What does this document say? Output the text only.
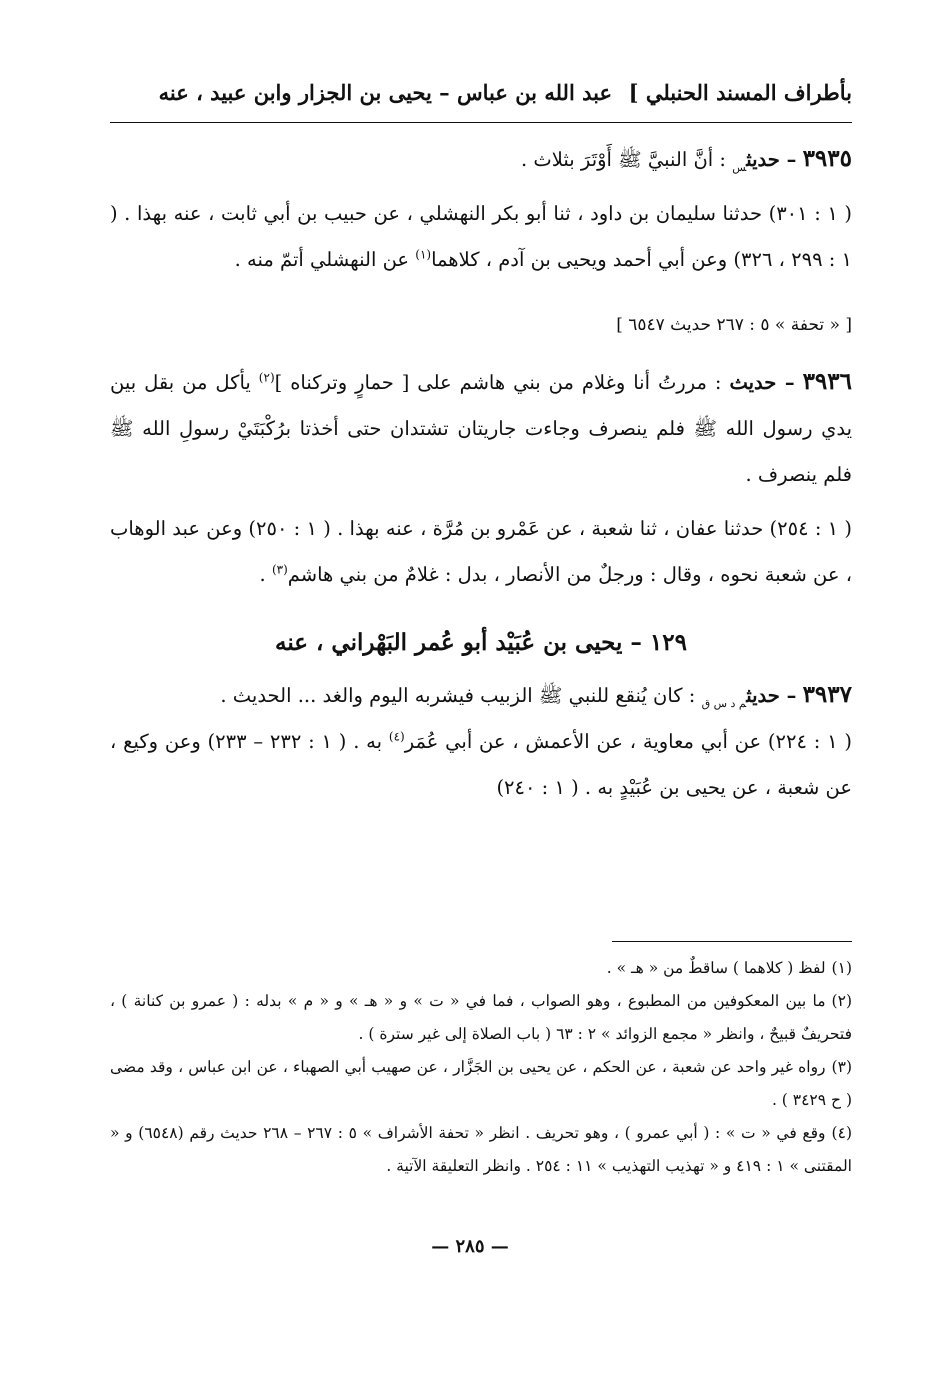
بأطراف المسند الحنبلي ]
عبد الله بن عباس – يحيى بن الجزار وابن عبيد ، عنه

٣٩٣٥ – حديث$_س$ : أنَّ النبيَّ ﷺ أَوْتَرَ بثلاث .

( ١ : ٣٠١) حدثنا سليمان بن داود ، ثنا أبو بكر النهشلي ، عن حبيب بن أبي ثابت ، عنه بهذا . ( ١ : ٢٩٩ ، ٣٢٦) وعن أبي أحمد ويحيى بن آدم ، كلاهما$^{(١)}$ عن النهشلي أتمّ منه .

[ « تحفة » ٥ : ٢٦٧ حديث ٦٥٤٧ ]

٣٩٣٦ – حديث : مررتُ أنا وغلام من بني هاشم على [ حمارٍ وتركناه ]$^{(٢)}$ يأكل من بقل بين يدي رسول الله ﷺ فلم ينصرف وجاءت جاريتان تشتدان حتى أخذتا برُكْبَتَيْ رسولِ الله ﷺ فلم ينصرف .

( ١ : ٢٥٤) حدثنا عفان ، ثنا شعبة ، عن عَمْرو بن مُرَّة ، عنه بهذا . ( ١ : ٢٥٠) وعن عبد الوهاب ، عن شعبة نحوه ، وقال : ورجلٌ من الأنصار ، بدل : غلامٌ من بني هاشم$^{(٣)}$ .

١٢٩ – يحيى بن عُبَيْد أبو عُمر البَهْراني ، عنه

٣٩٣٧ – حديث$_{م د س ق}$ : كان يُنقع للنبي ﷺ الزبيب فيشربه اليوم والغد ... الحديث .

( ١ : ٢٢٤) عن أبي معاوية ، عن الأعمش ، عن أبي عُمَر$^{(٤)}$ به . ( ١ : ٢٣٢ – ٢٣٣) وعن وكيع ، عن شعبة ، عن يحيى بن عُبَيْدٍ به . ( ١ : ٢٤٠)

(١)لفظ ( كلاهما ) ساقطٌ من « هـ » .

(٢)ما بين المعكوفين من المطبوع ، وهو الصواب ، فما في « ت » و « هـ » و « م » بدله : ( عمرو بن كنانة ) ، فتحريفٌ قبيحٌ ، وانظر « مجمع الزوائد » ٢ : ٦٣ ( باب الصلاة إلى غير سترة ) .

(٣)رواه غير واحد عن شعبة ، عن الحكم ، عن يحيى بن الجَزَّار ، عن صهيب أبي الصهباء ، عن ابن عباس ، وقد مضى ( ح ٣٤٢٩ ) .

(٤)وقع في « ت » : ( أبي عمرو ) ، وهو تحريف . انظر « تحفة الأشراف » ٥ : ٢٦٧ – ٢٦٨ حديث رقم (٦٥٤٨) و « المقتنى » ١ : ٤١٩ و « تهذيب التهذيب » ١١ : ٢٥٤ . وانظر التعليقة الآتية .

— ٢٨٥ —
